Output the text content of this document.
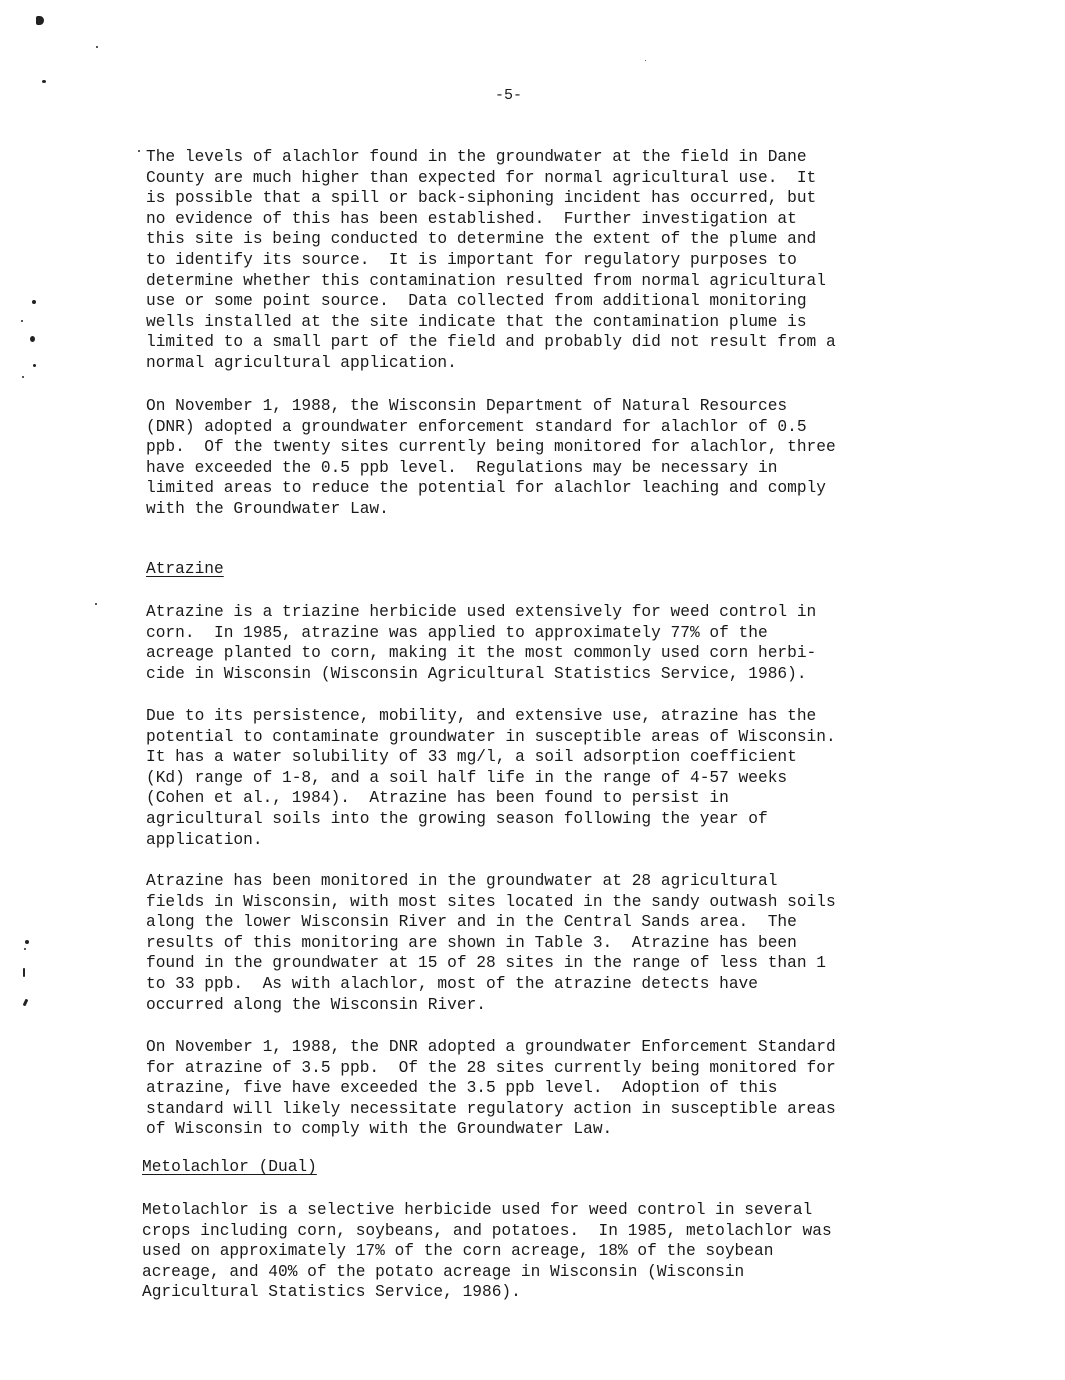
-5-

The levels of alachlor found in the groundwater at the field in Dane
County are much higher than expected for normal agricultural use.  It
is possible that a spill or back-siphoning incident has occurred, but
no evidence of this has been established.  Further investigation at
this site is being conducted to determine the extent of the plume and
to identify its source.  It is important for regulatory purposes to
determine whether this contamination resulted from normal agricultural
use or some point source.  Data collected from additional monitoring
wells installed at the site indicate that the contamination plume is
limited to a small part of the field and probably did not result from a
normal agricultural application.

On November 1, 1988, the Wisconsin Department of Natural Resources
(DNR) adopted a groundwater enforcement standard for alachlor of 0.5
ppb.  Of the twenty sites currently being monitored for alachlor, three
have exceeded the 0.5 ppb level.  Regulations may be necessary in
limited areas to reduce the potential for alachlor leaching and comply
with the Groundwater Law.

Atrazine

Atrazine is a triazine herbicide used extensively for weed control in
corn.  In 1985, atrazine was applied to approximately 77% of the
acreage planted to corn, making it the most commonly used corn herbi-
cide in Wisconsin (Wisconsin Agricultural Statistics Service, 1986).

Due to its persistence, mobility, and extensive use, atrazine has the
potential to contaminate groundwater in susceptible areas of Wisconsin.
It has a water solubility of 33 mg/l, a soil adsorption coefficient
(Kd) range of 1-8, and a soil half life in the range of 4-57 weeks
(Cohen et al., 1984).  Atrazine has been found to persist in
agricultural soils into the growing season following the year of
application.

Atrazine has been monitored in the groundwater at 28 agricultural
fields in Wisconsin, with most sites located in the sandy outwash soils
along the lower Wisconsin River and in the Central Sands area.  The
results of this monitoring are shown in Table 3.  Atrazine has been
found in the groundwater at 15 of 28 sites in the range of less than 1
to 33 ppb.  As with alachlor, most of the atrazine detects have
occurred along the Wisconsin River.

On November 1, 1988, the DNR adopted a groundwater Enforcement Standard
for atrazine of 3.5 ppb.  Of the 28 sites currently being monitored for
atrazine, five have exceeded the 3.5 ppb level.  Adoption of this
standard will likely necessitate regulatory action in susceptible areas
of Wisconsin to comply with the Groundwater Law.

Metolachlor (Dual)

Metolachlor is a selective herbicide used for weed control in several
crops including corn, soybeans, and potatoes.  In 1985, metolachlor was
used on approximately 17% of the corn acreage, 18% of the soybean
acreage, and 40% of the potato acreage in Wisconsin (Wisconsin
Agricultural Statistics Service, 1986).
